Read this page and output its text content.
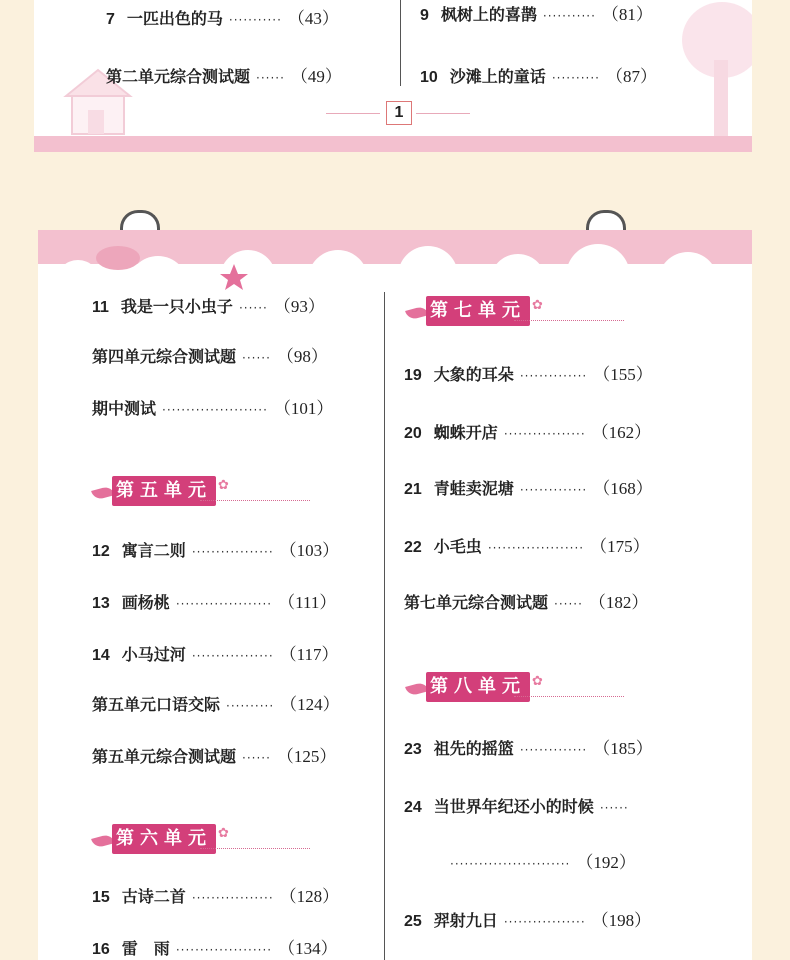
7 一匹出色的马 ··········· （43）
第二单元综合测试题 ······ （49）
9 枫树上的喜鹊 ··········· （81）
10 沙滩上的童话 ·········· （87）
1
11 我是一只小虫子 ······ （93）
第四单元综合测试题 ······ （98）
期中测试 ······················ （101）
第五单元 ✿
12 寓言二则 ················· （103）
13 画杨桃 ···················· （111）
14 小马过河 ················· （117）
第五单元口语交际 ·········· （124）
第五单元综合测试题 ······ （125）
第六单元 ✿
15 古诗二首 ················· （128）
16 雷　雨 ···················· （134）
第七单元 ✿
19 大象的耳朵 ·············· （155）
20 蜘蛛开店 ················· （162）
21 青蛙卖泥塘 ·············· （168）
22 小毛虫 ···················· （175）
第七单元综合测试题 ······ （182）
第八单元 ✿
23 祖先的摇篮 ·············· （185）
24 当世界年纪还小的时候 ······
························· （192）
25 羿射九日 ················· （198）
